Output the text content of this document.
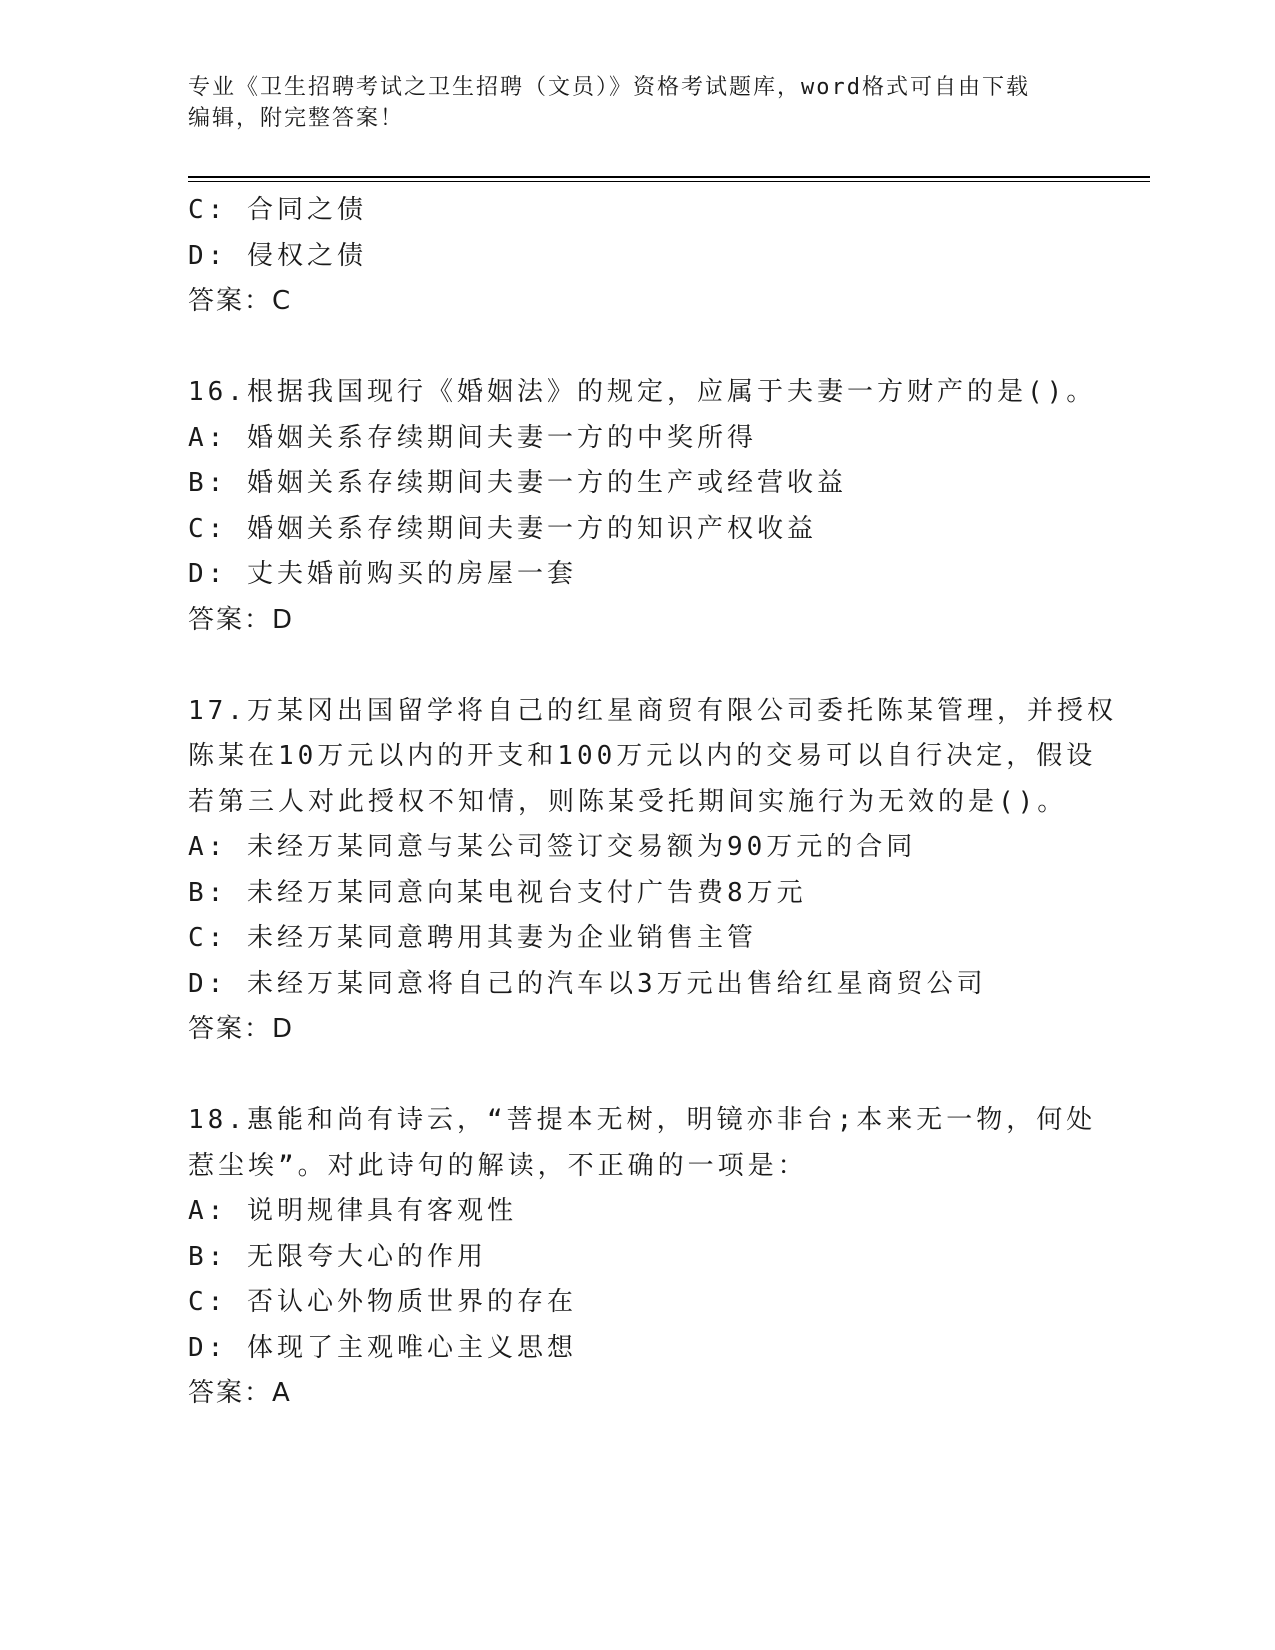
专业《卫生招聘考试之卫生招聘（文员）》资格考试题库，word格式可自由下载
编辑，附完整答案！
C: 合同之债
D: 侵权之债
答案：C
16.根据我国现行《婚姻法》的规定，应属于夫妻一方财产的是()。
A: 婚姻关系存续期间夫妻一方的中奖所得
B: 婚姻关系存续期间夫妻一方的生产或经营收益
C: 婚姻关系存续期间夫妻一方的知识产权收益
D: 丈夫婚前购买的房屋一套
答案：D
17.万某冈出国留学将自己的红星商贸有限公司委托陈某管理，并授权
陈某在10万元以内的开支和100万元以内的交易可以自行决定，假设
若第三人对此授权不知情，则陈某受托期间实施行为无效的是()。
A: 未经万某同意与某公司签订交易额为90万元的合同
B: 未经万某同意向某电视台支付广告费8万元
C: 未经万某同意聘用其妻为企业销售主管
D: 未经万某同意将自己的汽车以3万元出售给红星商贸公司
答案：D
18.惠能和尚有诗云，“菩提本无树，明镜亦非台;本来无一物，何处
惹尘埃”。对此诗句的解读，不正确的一项是：
A: 说明规律具有客观性
B: 无限夸大心的作用
C: 否认心外物质世界的存在
D: 体现了主观唯心主义思想
答案：A
